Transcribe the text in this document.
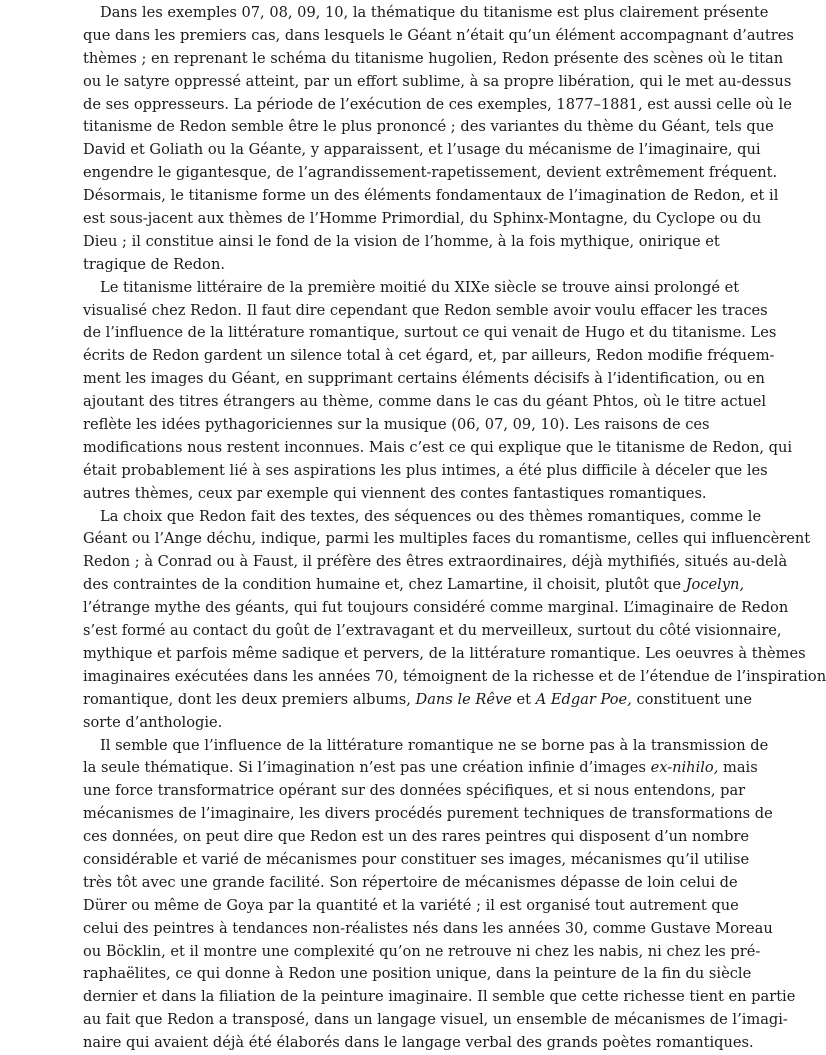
Dans les exemples 07, 08, 09, 10, la thématique du titanisme est plus clairement présente
que dans les premiers cas, dans lesquels le Géant n’était qu’un élément accompagnant d’autres
thèmes ; en reprenant le schéma du titanisme hugolien, Redon présente des scènes où le titan
ou le satyre oppressé atteint, par un effort sublime, à sa propre libération, qui le met au-dessus
de ses oppresseurs. La période de l’exécution de ces exemples, 1877–1881, est aussi celle où le
titanisme de Redon semble être le plus prononcé ; des variantes du thème du Géant, tels que
David et Goliath ou la Géante, y apparaissent, et l’usage du mécanisme de l’imaginaire, qui
engendre le gigantesque, de l’agrandissement-rapetissement, devient extrêmement fréquent.
Désormais, le titanisme forme un des éléments fondamentaux de l’imagination de Redon, et il
est sous-jacent aux thèmes de l’Homme Primordial, du Sphinx-Montagne, du Cyclope ou du
Dieu ; il constitue ainsi le fond de la vision de l’homme, à la fois mythique, onirique et
tragique de Redon.
Le titanisme littéraire de la première moitié du XIXe siècle se trouve ainsi prolongé et
visualisé chez Redon. Il faut dire cependant que Redon semble avoir voulu effacer les traces
de l’influence de la littérature romantique, surtout ce qui venait de Hugo et du titanisme. Les
écrits de Redon gardent un silence total à cet égard, et, par ailleurs, Redon modifie fréquem-
ment les images du Géant, en supprimant certains éléments décisifs à l’identification, ou en
ajoutant des titres étrangers au thème, comme dans le cas du géant Phtos, où le titre actuel
reflète les idées pythagoriciennes sur la musique (06, 07, 09, 10). Les raisons de ces
modifications nous restent inconnues. Mais c’est ce qui explique que le titanisme de Redon, qui
était probablement lié à ses aspirations les plus intimes, a été plus difficile à déceler que les
autres thèmes, ceux par exemple qui viennent des contes fantastiques romantiques.
La choix que Redon fait des textes, des séquences ou des thèmes romantiques, comme le
Géant ou l’Ange déchu, indique, parmi les multiples faces du romantisme, celles qui influencèrent
Redon ; à Conrad ou à Faust, il préfère des êtres extraordinaires, déjà mythifiés, situés au-delà
des contraintes de la condition humaine et, chez Lamartine, il choisit, plutôt que Jocelyn,
l’étrange mythe des géants, qui fut toujours considéré comme marginal. L’imaginaire de Redon
s’est formé au contact du goût de l’extravagant et du merveilleux, surtout du côté visionnaire,
mythique et parfois même sadique et pervers, de la littérature romantique. Les oeuvres à thèmes
imaginaires exécutées dans les années 70, témoignent de la richesse et de l’étendue de l’inspiration
romantique, dont les deux premiers albums, Dans le Rêve et A Edgar Poe, constituent une
sorte d’anthologie.
Il semble que l’influence de la littérature romantique ne se borne pas à la transmission de
la seule thématique. Si l’imagination n’est pas une création infinie d’images ex-nihilo, mais
une force transformatrice opérant sur des données spécifiques, et si nous entendons, par
mécanismes de l’imaginaire, les divers procédés purement techniques de transformations de
ces données, on peut dire que Redon est un des rares peintres qui disposent d’un nombre
considérable et varié de mécanismes pour constituer ses images, mécanismes qu’il utilise
très tôt avec une grande facilité. Son répertoire de mécanismes dépasse de loin celui de
Dürer ou même de Goya par la quantité et la variété ; il est organisé tout autrement que
celui des peintres à tendances non-réalistes nés dans les années 30, comme Gustave Moreau
ou Böcklin, et il montre une complexité qu’on ne retrouve ni chez les nabis, ni chez les pré-
raphaëlites, ce qui donne à Redon une position unique, dans la peinture de la fin du siècle
dernier et dans la filiation de la peinture imaginaire. Il semble que cette richesse tient en partie
au fait que Redon a transposé, dans un langage visuel, un ensemble de mécanismes de l’imagi-
naire qui avaient déjà été élaborés dans le langage verbal des grands poètes romantiques.
